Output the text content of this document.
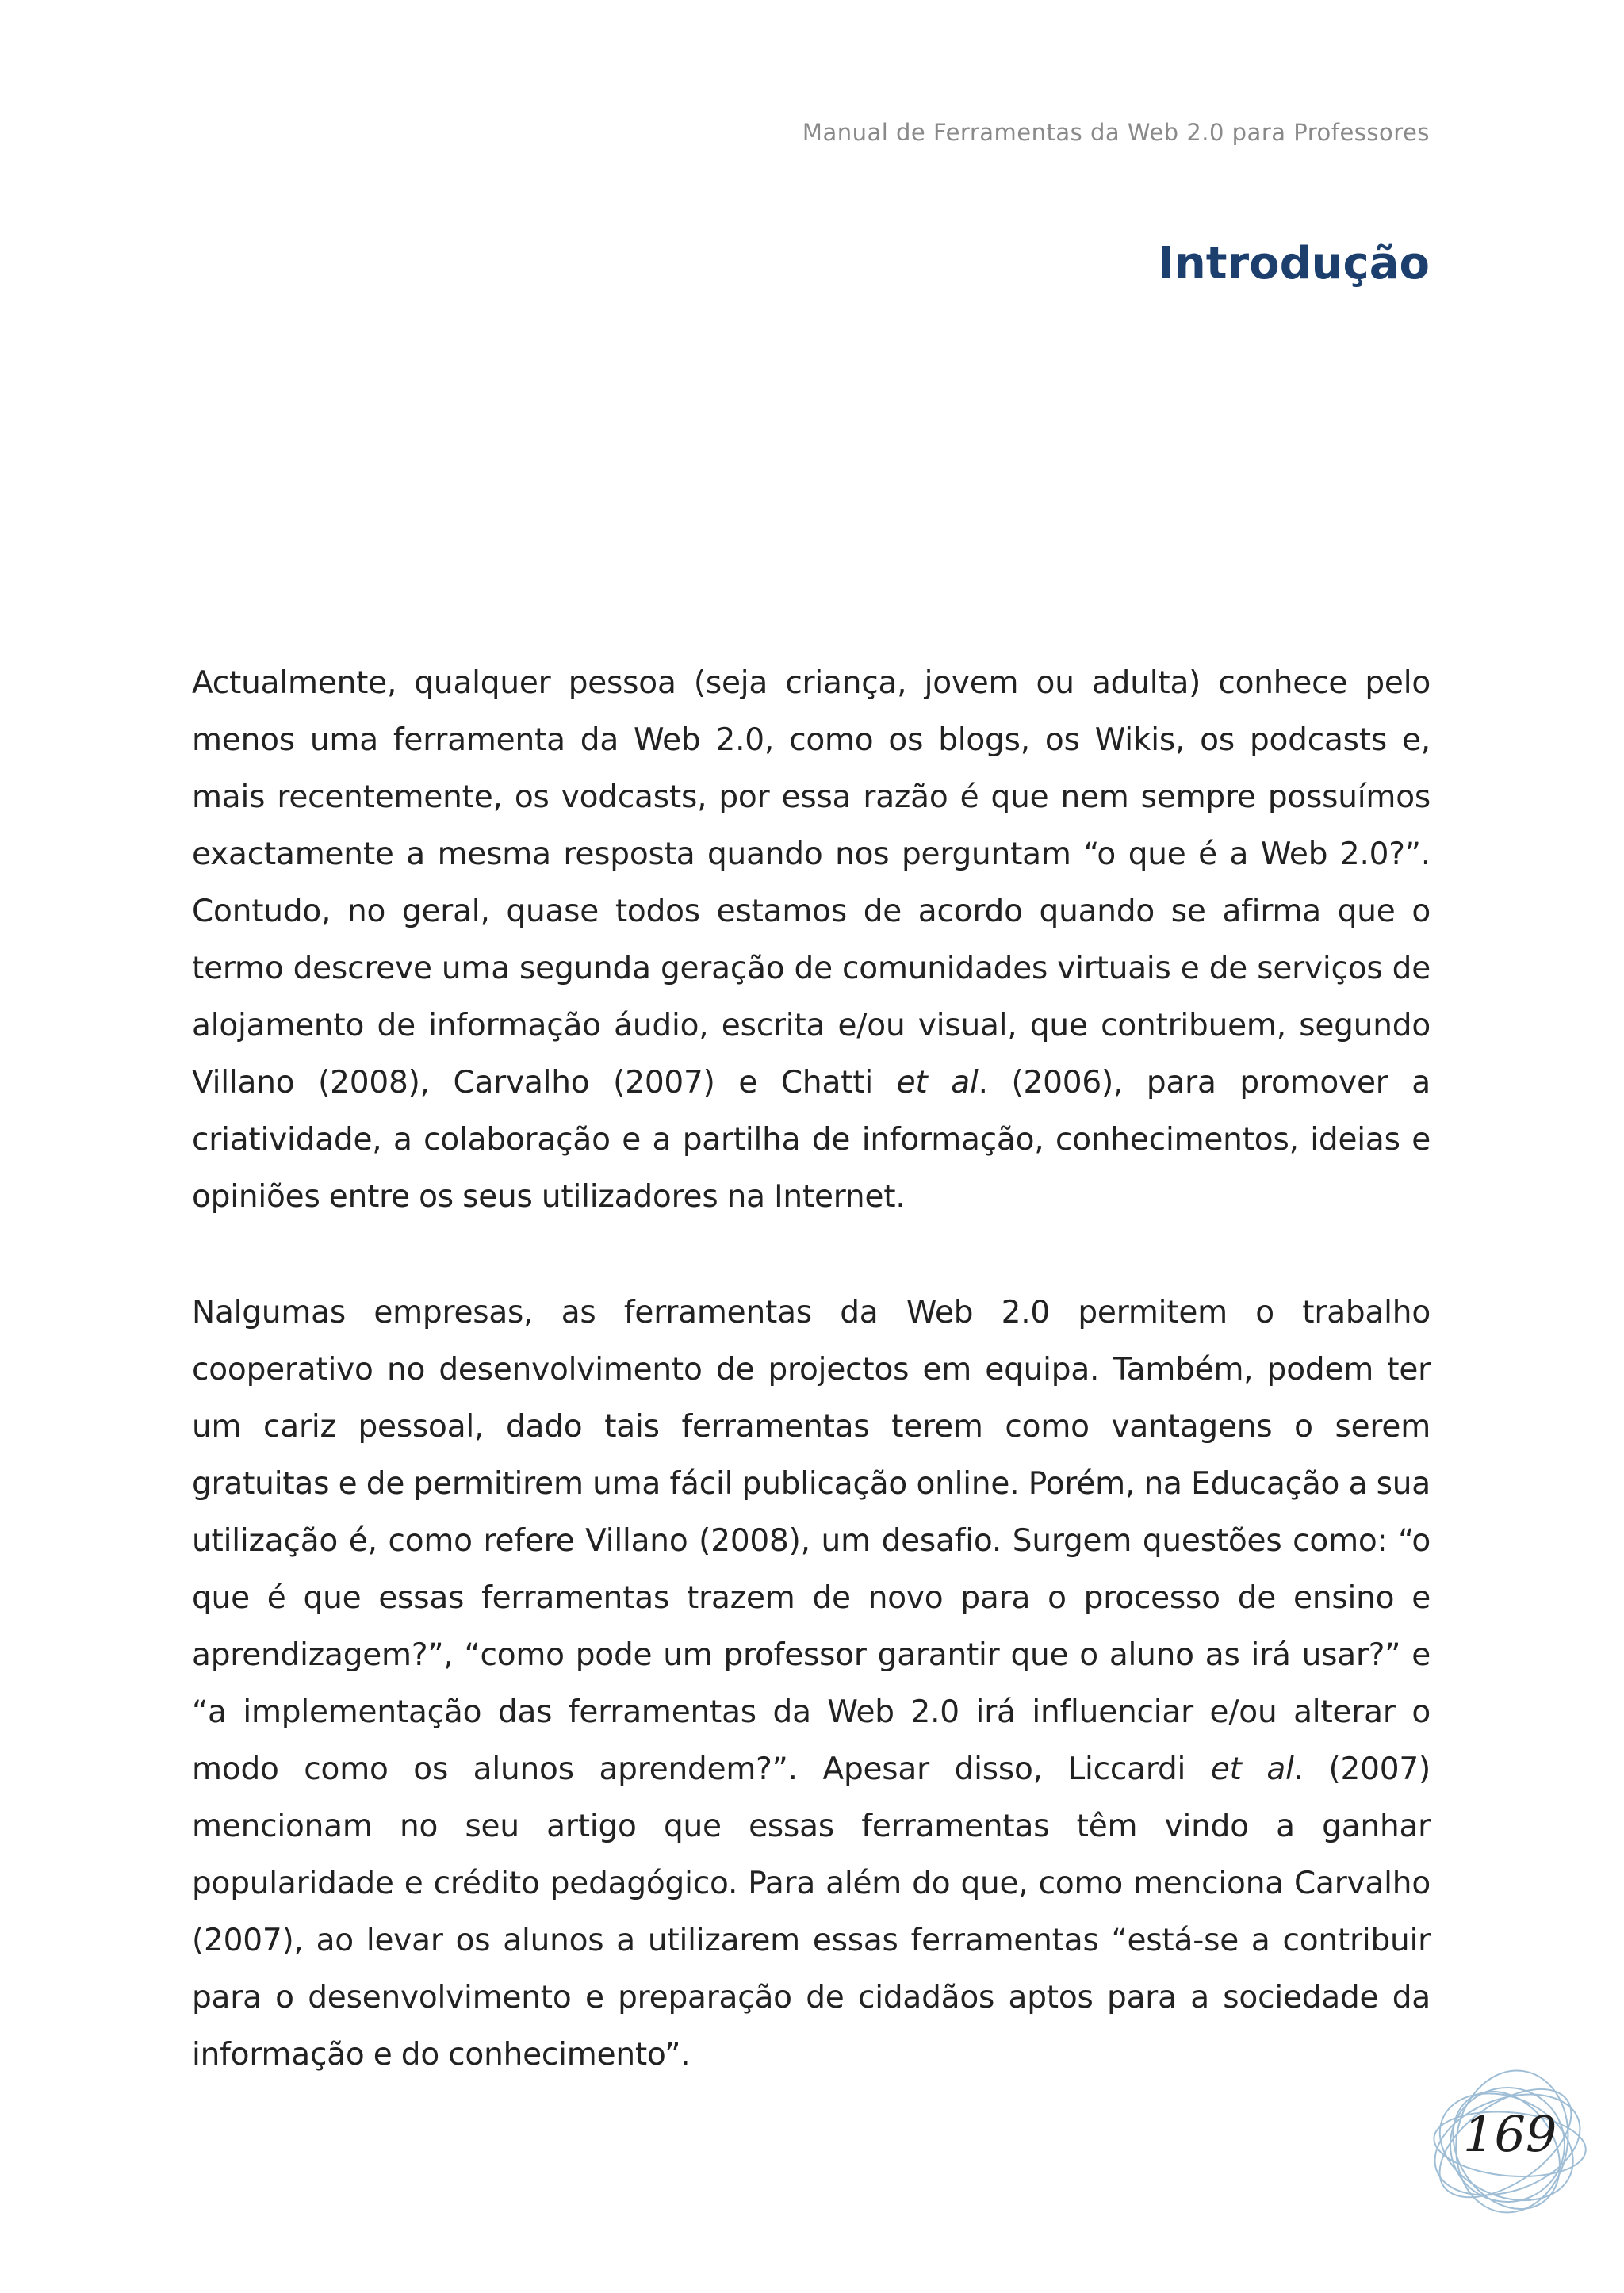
Manual de Ferramentas da Web 2.0 para Professores
Introdução

Actualmente, qualquer pessoa (seja criança, jovem ou adulta) conhece pelo menos uma ferramenta da Web 2.0, como os blogs, os Wikis, os podcasts e, mais recentemente, os vodcasts, por essa razão é que nem sempre possuímos exactamente a mesma resposta quando nos perguntam “o que é a Web 2.0?”. Contudo, no geral, quase todos estamos de acordo quando se afirma que o termo descreve uma segunda geração de comunidades virtuais e de serviços de alojamento de informação áudio, escrita e/ou visual, que contribuem, segundo Villano (2008), Carvalho (2007) e Chatti et al. (2006), para promover a criatividade, a colaboração e a partilha de informação, conhecimentos, ideias e opiniões entre os seus utilizadores na Internet.

Nalgumas empresas, as ferramentas da Web 2.0 permitem o trabalho cooperativo no desenvolvimento de projectos em equipa. Também, podem ter um cariz pessoal, dado tais ferramentas terem como vantagens o serem gratuitas e de permitirem uma fácil publicação online. Porém, na Educação a sua utilização é, como refere Villano (2008), um desafio. Surgem questões como: “o que é que essas ferramentas trazem de novo para o processo de ensino e aprendizagem?”, “como pode um professor garantir que o aluno as irá usar?” e “a implementação das ferramentas da Web 2.0 irá influenciar e/ou alterar o modo como os alunos aprendem?”. Apesar disso, Liccardi et al. (2007) mencionam no seu artigo que essas ferramentas têm vindo a ganhar popularidade e crédito pedagógico. Para além do que, como menciona Carvalho (2007), ao levar os alunos a utilizarem essas ferramentas “está-se a contribuir para o desenvolvimento e preparação de cidadãos aptos para a sociedade da informação e do conhecimento”.

169
